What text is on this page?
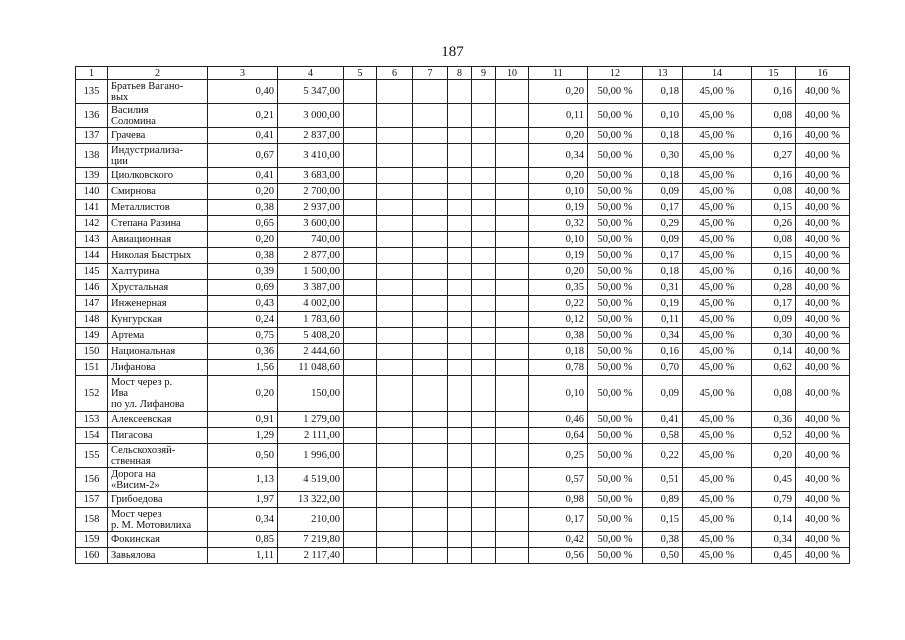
187
1	2	3	4	5	6	7	8	9	10	11	12	13	14	15	16
135	Братьев Вагано-
вых	0,40	5 347,00							0,20	50,00 %	0,18	45,00 %	0,16	40,00 %
136	Василия
Соломина	0,21	3 000,00							0,11	50,00 %	0,10	45,00 %	0,08	40,00 %
137	Грачева	0,41	2 837,00							0,20	50,00 %	0,18	45,00 %	0,16	40,00 %
138	Индустриализа-
ции	0,67	3 410,00							0,34	50,00 %	0,30	45,00 %	0,27	40,00 %
139	Циолковского	0,41	3 683,00							0,20	50,00 %	0,18	45,00 %	0,16	40,00 %
140	Смирнова	0,20	2 700,00							0,10	50,00 %	0,09	45,00 %	0,08	40,00 %
141	Металлистов	0,38	2 937,00							0,19	50,00 %	0,17	45,00 %	0,15	40,00 %
142	Степана Разина	0,65	3 600,00							0,32	50,00 %	0,29	45,00 %	0,26	40,00 %
143	Авиационная	0,20	740,00							0,10	50,00 %	0,09	45,00 %	0,08	40,00 %
144	Николая Быстрых	0,38	2 877,00							0,19	50,00 %	0,17	45,00 %	0,15	40,00 %
145	Халтурина	0,39	1 500,00							0,20	50,00 %	0,18	45,00 %	0,16	40,00 %
146	Хрустальная	0,69	3 387,00							0,35	50,00 %	0,31	45,00 %	0,28	40,00 %
147	Инженерная	0,43	4 002,00							0,22	50,00 %	0,19	45,00 %	0,17	40,00 %
148	Кунгурская	0,24	1 783,60							0,12	50,00 %	0,11	45,00 %	0,09	40,00 %
149	Артема	0,75	5 408,20							0,38	50,00 %	0,34	45,00 %	0,30	40,00 %
150	Национальная	0,36	2 444,60							0,18	50,00 %	0,16	45,00 %	0,14	40,00 %
151	Лифанова	1,56	11 048,60							0,78	50,00 %	0,70	45,00 %	0,62	40,00 %
152	Мост через р.
Ива
по ул. Лифанова	0,20	150,00							0,10	50,00 %	0,09	45,00 %	0,08	40,00 %
153	Алексеевская	0,91	1 279,00							0,46	50,00 %	0,41	45,00 %	0,36	40,00 %
154	Пигасова	1,29	2 111,00							0,64	50,00 %	0,58	45,00 %	0,52	40,00 %
155	Сельскохозяй-
ственная	0,50	1 996,00							0,25	50,00 %	0,22	45,00 %	0,20	40,00 %
156	Дорога на
«Висим-2»	1,13	4 519,00							0,57	50,00 %	0,51	45,00 %	0,45	40,00 %
157	Грибоедова	1,97	13 322,00							0,98	50,00 %	0,89	45,00 %	0,79	40,00 %
158	Мост через
р. М. Мотовилиха	0,34	210,00							0,17	50,00 %	0,15	45,00 %	0,14	40,00 %
159	Фокинская	0,85	7 219,80							0,42	50,00 %	0,38	45,00 %	0,34	40,00 %
160	Завьялова	1,11	2 117,40							0,56	50,00 %	0,50	45,00 %	0,45	40,00 %
